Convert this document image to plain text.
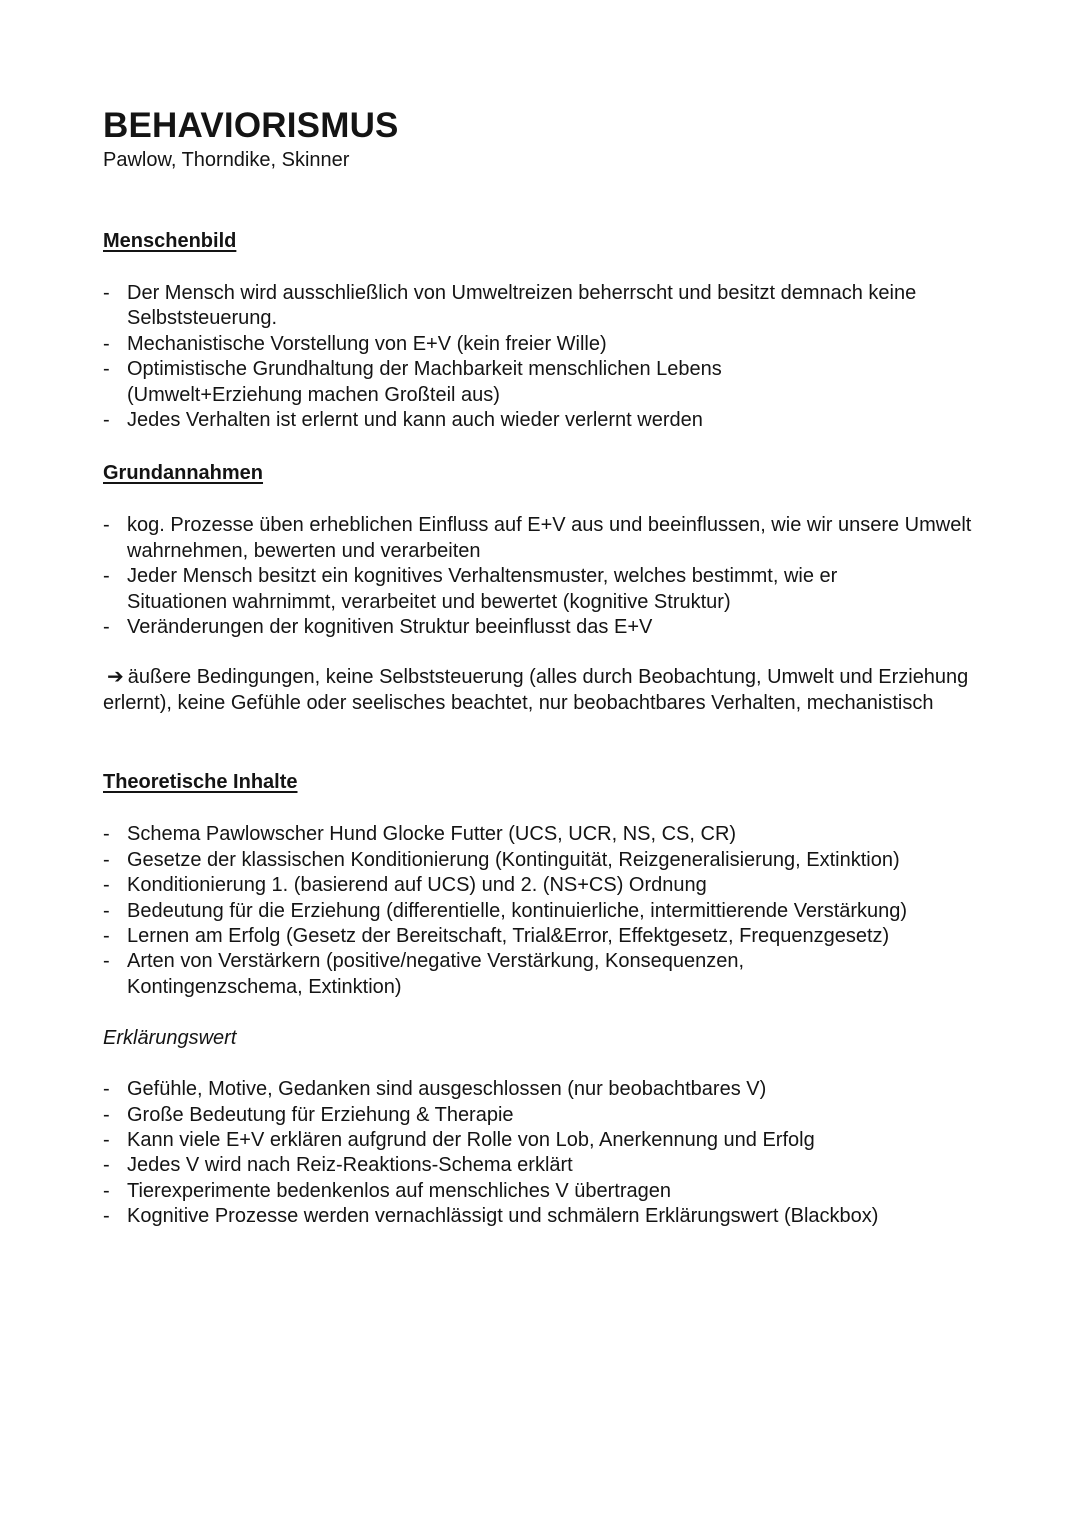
BEHAVIORISMUS

Pawlow, Thorndike, Skinner

Menschenbild
- Der Mensch wird ausschließlich von Umweltreizen beherrscht und besitzt demnach keine Selbststeuerung.
- Mechanistische Vorstellung von E+V (kein freier Wille)
- Optimistische Grundhaltung der Machbarkeit menschlichen Lebens (Umwelt+Erziehung machen Großteil aus)
- Jedes Verhalten ist erlernt und kann auch wieder verlernt werden
Grundannahmen
- kog. Prozesse üben erheblichen Einfluss auf E+V aus und beeinflussen, wie wir unsere Umwelt wahrnehmen, bewerten und verarbeiten
- Jeder Mensch besitzt ein kognitives Verhaltensmuster, welches bestimmt, wie er Situationen wahrnimmt, verarbeitet und bewertet (kognitive Struktur)
- Veränderungen der kognitiven Struktur beeinflusst das E+V

➔ äußere Bedingungen, keine Selbststeuerung (alles durch Beobachtung, Umwelt und Erziehung erlernt), keine Gefühle oder seelisches beachtet, nur beobachtbares Verhalten, mechanistisch

Theoretische Inhalte
- Schema Pawlowscher Hund Glocke Futter (UCS, UCR, NS, CS, CR)
- Gesetze der klassischen Konditionierung (Kontinguität, Reizgeneralisierung, Extinktion)
- Konditionierung 1. (basierend auf UCS) und 2. (NS+CS) Ordnung
- Bedeutung für die Erziehung (differentielle, kontinuierliche, intermittierende Verstärkung)
- Lernen am Erfolg (Gesetz der Bereitschaft, Trial&Error, Effektgesetz, Frequenzgesetz)
- Arten von Verstärkern (positive/negative Verstärkung, Konsequenzen, Kontingenzschema, Extinktion)
Erklärungswert
- Gefühle, Motive, Gedanken sind ausgeschlossen (nur beobachtbares V)
- Große Bedeutung für Erziehung & Therapie
- Kann viele E+V erklären aufgrund der Rolle von Lob, Anerkennung und Erfolg
- Jedes V wird nach Reiz-Reaktions-Schema erklärt
- Tierexperimente bedenkenlos auf menschliches V übertragen
- Kognitive Prozesse werden vernachlässigt und schmälern Erklärungswert (Blackbox)
